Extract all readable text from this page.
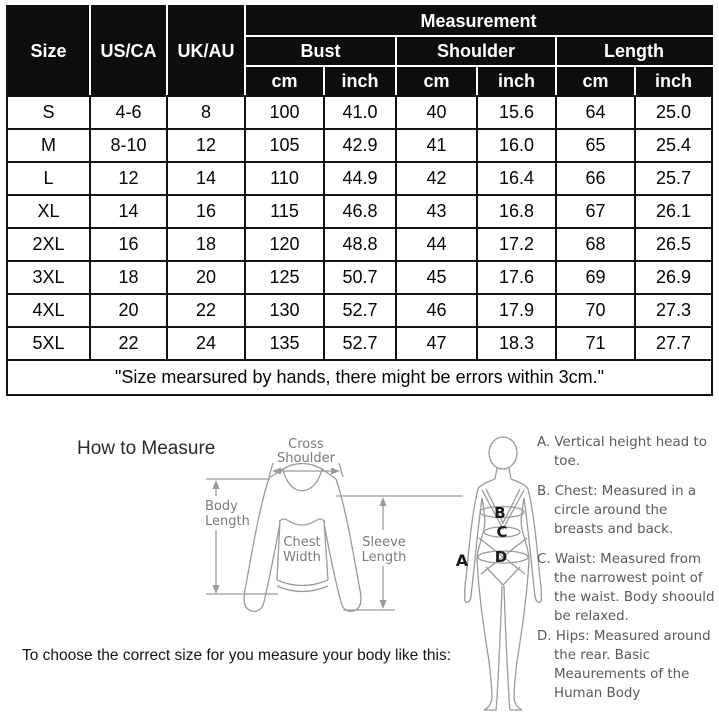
Size	US/CA	UK/AU	Measurement					
			Bust		Shoulder		Length	
			cm	inch	cm	inch	cm	inch
S	4-6	8	100	41.0	40	15.6	64	25.0
M	8-10	12	105	42.9	41	16.0	65	25.4
L	12	14	110	44.9	42	16.4	66	25.7
XL	14	16	115	46.8	43	16.8	67	26.1
2XL	16	18	120	48.8	44	17.2	68	26.5
3XL	18	20	125	50.7	45	17.6	69	26.9
4XL	20	22	130	52.7	46	17.9	70	27.3
5XL	22	24	135	52.7	47	18.3	71	27.7
"Size mearsured by hands, there might be errors within 3cm."								
How to Measure	Cross
Shoulder
Body
Length
Sleeve
Length
Chest
Width	A
B
C
D

A. Vertical height head to toe.

B. Chest: Measured in a circle around the breasts and back.

C. Waist: Measured from the narrowest point of the waist. Body shoould be relaxed.

D. Hips: Measured around the rear. Basic Meaurements of the Human Body

To choose the correct size for you measure your body like this:
